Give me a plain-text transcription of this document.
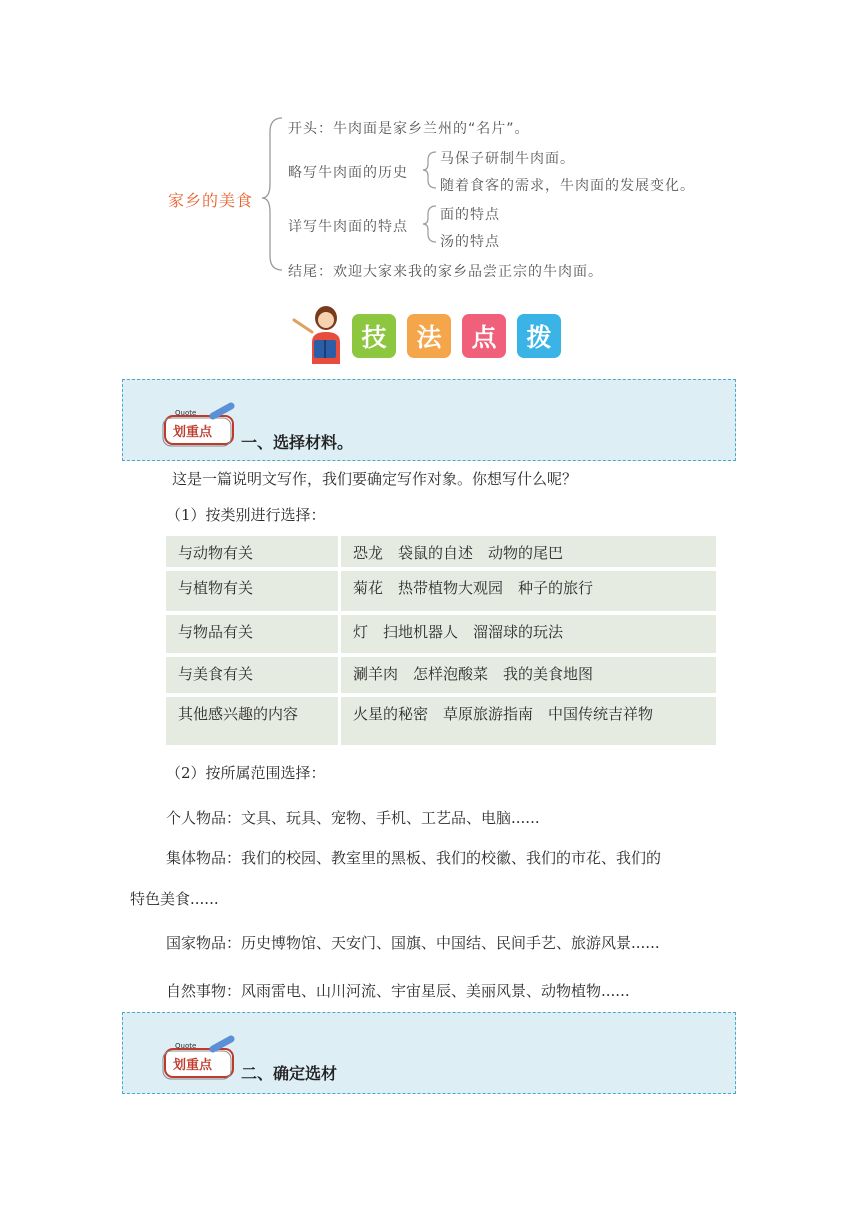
家乡的美食
开头：牛肉面是家乡兰州的“名片”。
略写牛肉面的历史
马保子研制牛肉面。
随着食客的需求，牛肉面的发展变化。
详写牛肉面的特点
面的特点
汤的特点
结尾：欢迎大家来我的家乡品尝正宗的牛肉面。
技	法	点	拨
Quote
划重点
一、选择材料。
这是一篇说明文写作，我们要确定写作对象。你想写什么呢？
（1）按类别进行选择：
与动物有关	恐龙　袋鼠的自述　动物的尾巴
与植物有关	菊花　热带植物大观园　种子的旅行
与物品有关	灯　扫地机器人　溜溜球的玩法
与美食有关	涮羊肉　怎样泡酸菜　我的美食地图
其他感兴趣的内容	火星的秘密　草原旅游指南　中国传统吉祥物
（2）按所属范围选择：
个人物品：文具、玩具、宠物、手机、工艺品、电脑......
集体物品：我们的校园、教室里的黑板、我们的校徽、我们的市花、我们的
特色美食......
国家物品：历史博物馆、天安门、国旗、中国结、民间手艺、旅游风景......
自然事物：风雨雷电、山川河流、宇宙星辰、美丽风景、动物植物......
Quote
划重点 二、确定选材
